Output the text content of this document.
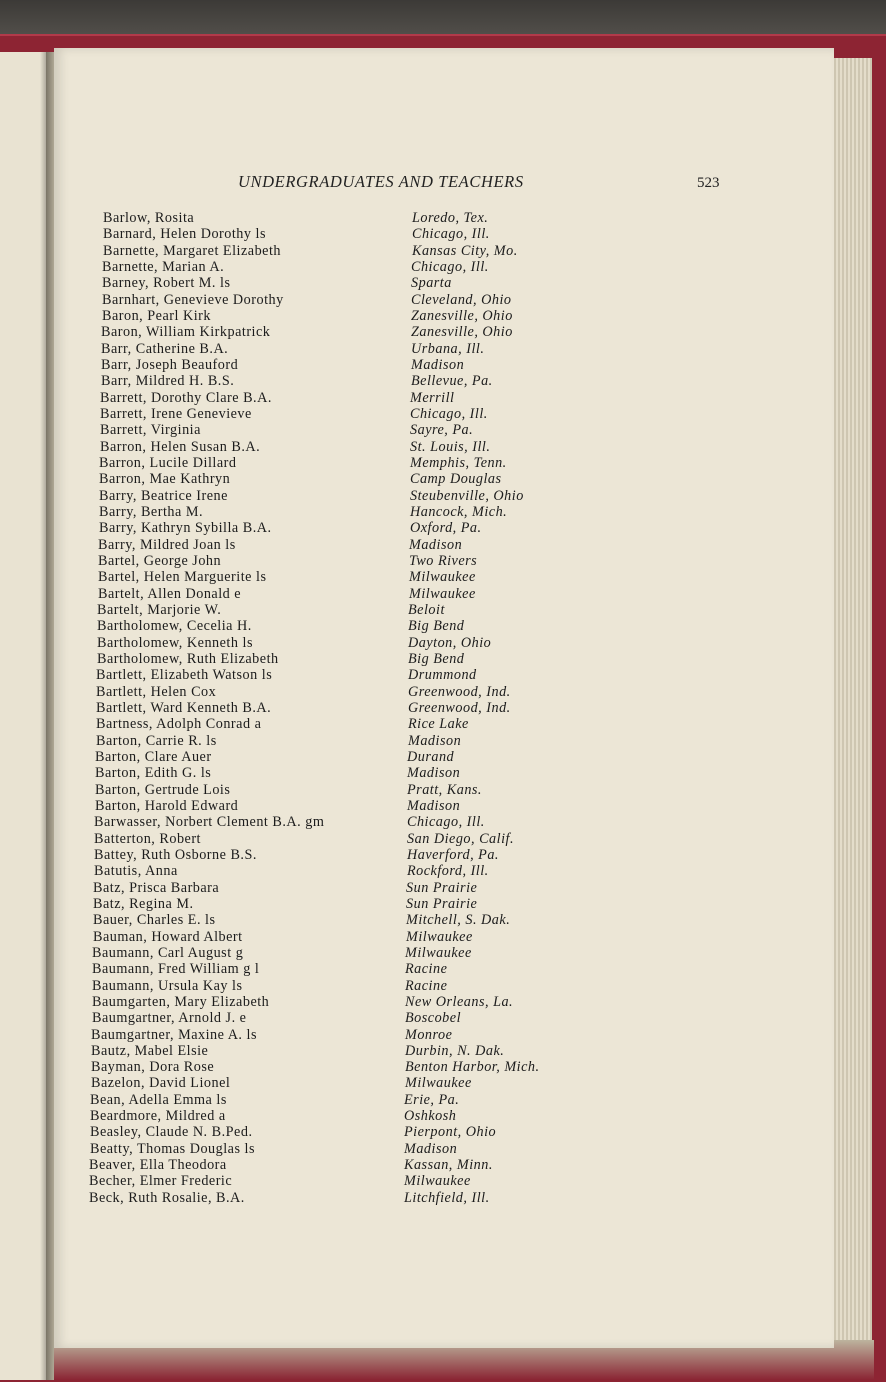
UNDERGRADUATES AND TEACHERS	523
Barlow, Rosita	Loredo, Tex.
Barnard, Helen Dorothy ls	Chicago, Ill.
Barnette, Margaret Elizabeth	Kansas City, Mo.
Barnette, Marian A.	Chicago, Ill.
Barney, Robert M. ls	Sparta
Barnhart, Genevieve Dorothy	Cleveland, Ohio
Baron, Pearl Kirk	Zanesville, Ohio
Baron, William Kirkpatrick	Zanesville, Ohio
Barr, Catherine B.A.	Urbana, Ill.
Barr, Joseph Beauford	Madison
Barr, Mildred H. B.S.	Bellevue, Pa.
Barrett, Dorothy Clare B.A.	Merrill
Barrett, Irene Genevieve	Chicago, Ill.
Barrett, Virginia	Sayre, Pa.
Barron, Helen Susan B.A.	St. Louis, Ill.
Barron, Lucile Dillard	Memphis, Tenn.
Barron, Mae Kathryn	Camp Douglas
Barry, Beatrice Irene	Steubenville, Ohio
Barry, Bertha M.	Hancock, Mich.
Barry, Kathryn Sybilla B.A.	Oxford, Pa.
Barry, Mildred Joan ls	Madison
Bartel, George John	Two Rivers
Bartel, Helen Marguerite ls	Milwaukee
Bartelt, Allen Donald e	Milwaukee
Bartelt, Marjorie W.	Beloit
Bartholomew, Cecelia H.	Big Bend
Bartholomew, Kenneth ls	Dayton, Ohio
Bartholomew, Ruth Elizabeth	Big Bend
Bartlett, Elizabeth Watson ls	Drummond
Bartlett, Helen Cox	Greenwood, Ind.
Bartlett, Ward Kenneth B.A.	Greenwood, Ind.
Bartness, Adolph Conrad a	Rice Lake
Barton, Carrie R. ls	Madison
Barton, Clare Auer	Durand
Barton, Edith G. ls	Madison
Barton, Gertrude Lois	Pratt, Kans.
Barton, Harold Edward	Madison
Barwasser, Norbert Clement B.A. gm	Chicago, Ill.
Batterton, Robert	San Diego, Calif.
Battey, Ruth Osborne B.S.	Haverford, Pa.
Batutis, Anna	Rockford, Ill.
Batz, Prisca Barbara	Sun Prairie
Batz, Regina M.	Sun Prairie
Bauer, Charles E. ls	Mitchell, S. Dak.
Bauman, Howard Albert	Milwaukee
Baumann, Carl August g	Milwaukee
Baumann, Fred William g l	Racine
Baumann, Ursula Kay ls	Racine
Baumgarten, Mary Elizabeth	New Orleans, La.
Baumgartner, Arnold J. e	Boscobel
Baumgartner, Maxine A. ls	Monroe
Bautz, Mabel Elsie	Durbin, N. Dak.
Bayman, Dora Rose	Benton Harbor, Mich.
Bazelon, David Lionel	Milwaukee
Bean, Adella Emma ls	Erie, Pa.
Beardmore, Mildred a	Oshkosh
Beasley, Claude N. B.Ped.	Pierpont, Ohio
Beatty, Thomas Douglas ls	Madison
Beaver, Ella Theodora	Kassan, Minn.
Becher, Elmer Frederic	Milwaukee
Beck, Ruth Rosalie, B.A.	Litchfield, Ill.
